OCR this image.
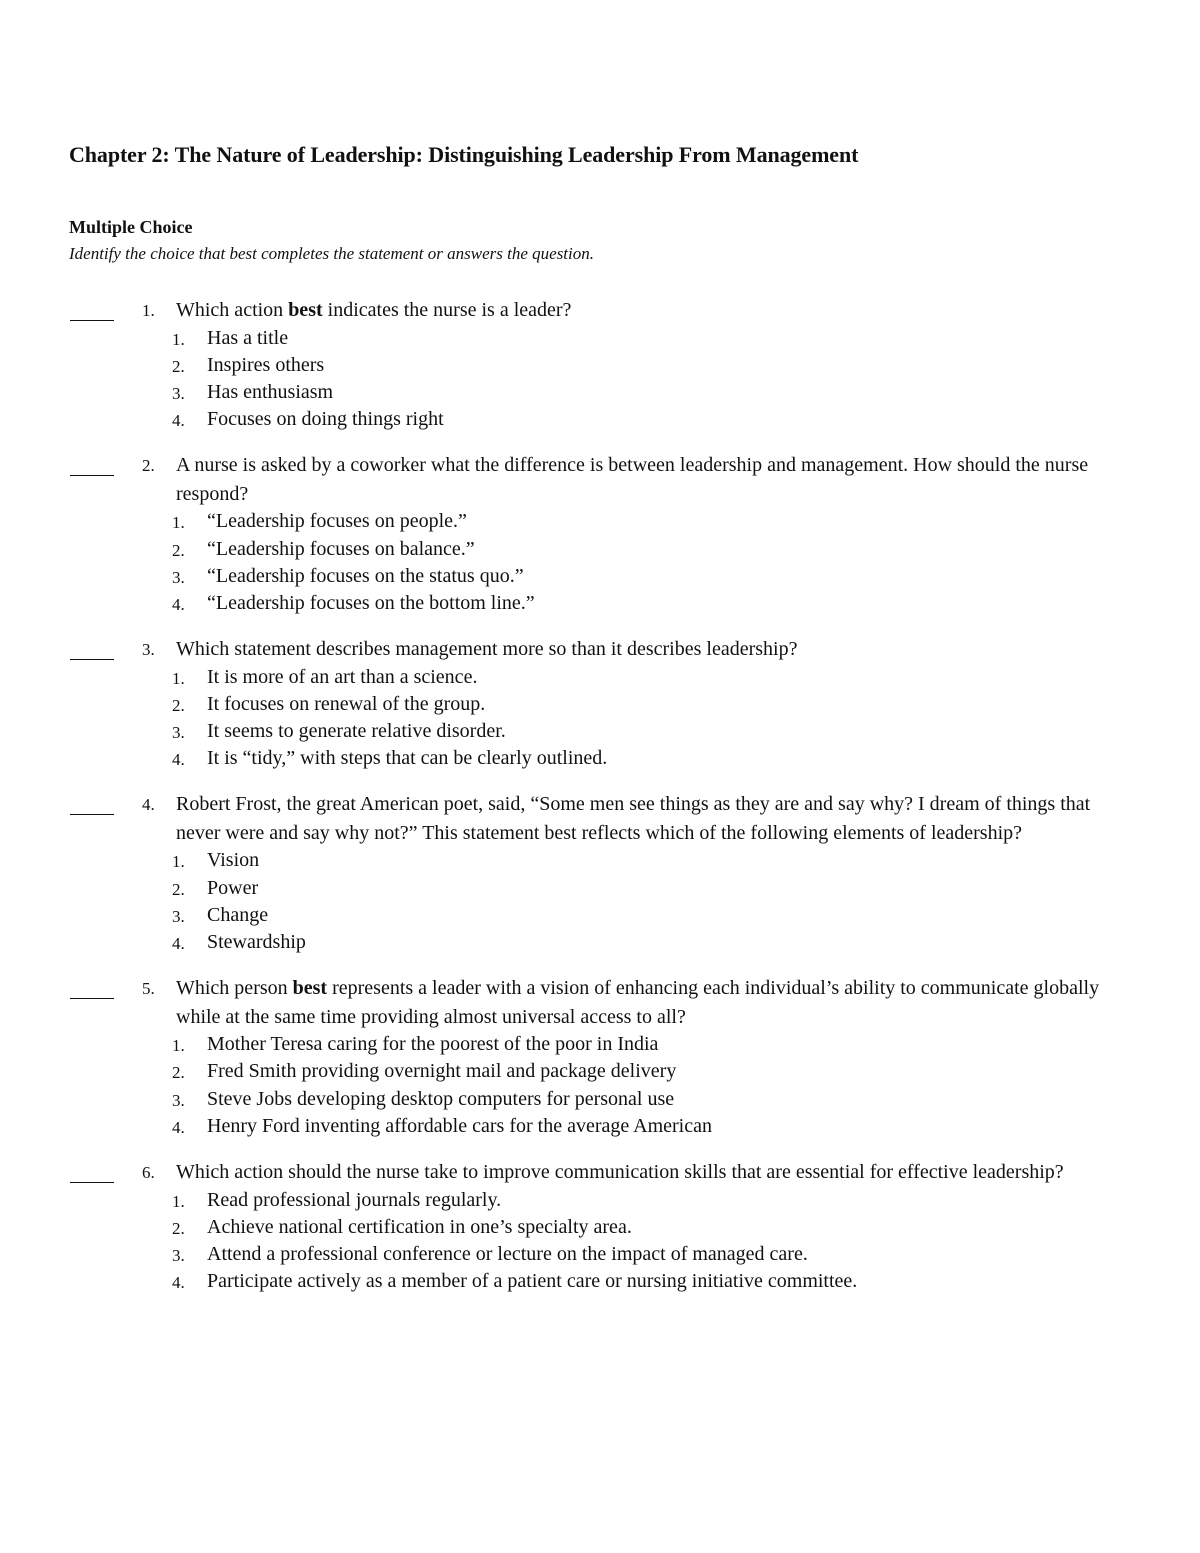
Chapter 2: The Nature of Leadership: Distinguishing Leadership From Management
Multiple Choice
Identify the choice that best completes the statement or answers the question.
1. Which action best indicates the nurse is a leader?
1. Has a title
2. Inspires others
3. Has enthusiasm
4. Focuses on doing things right
2. A nurse is asked by a coworker what the difference is between leadership and management. How should the nurse respond?
1. “Leadership focuses on people.”
2. “Leadership focuses on balance.”
3. “Leadership focuses on the status quo.”
4. “Leadership focuses on the bottom line.”
3. Which statement describes management more so than it describes leadership?
1. It is more of an art than a science.
2. It focuses on renewal of the group.
3. It seems to generate relative disorder.
4. It is “tidy,” with steps that can be clearly outlined.
4. Robert Frost, the great American poet, said, “Some men see things as they are and say why? I dream of things that never were and say why not?” This statement best reflects which of the following elements of leadership?
1. Vision
2. Power
3. Change
4. Stewardship
5. Which person best represents a leader with a vision of enhancing each individual’s ability to communicate globally while at the same time providing almost universal access to all?
1. Mother Teresa caring for the poorest of the poor in India
2. Fred Smith providing overnight mail and package delivery
3. Steve Jobs developing desktop computers for personal use
4. Henry Ford inventing affordable cars for the average American
6. Which action should the nurse take to improve communication skills that are essential for effective leadership?
1. Read professional journals regularly.
2. Achieve national certification in one’s specialty area.
3. Attend a professional conference or lecture on the impact of managed care.
4. Participate actively as a member of a patient care or nursing initiative committee.
